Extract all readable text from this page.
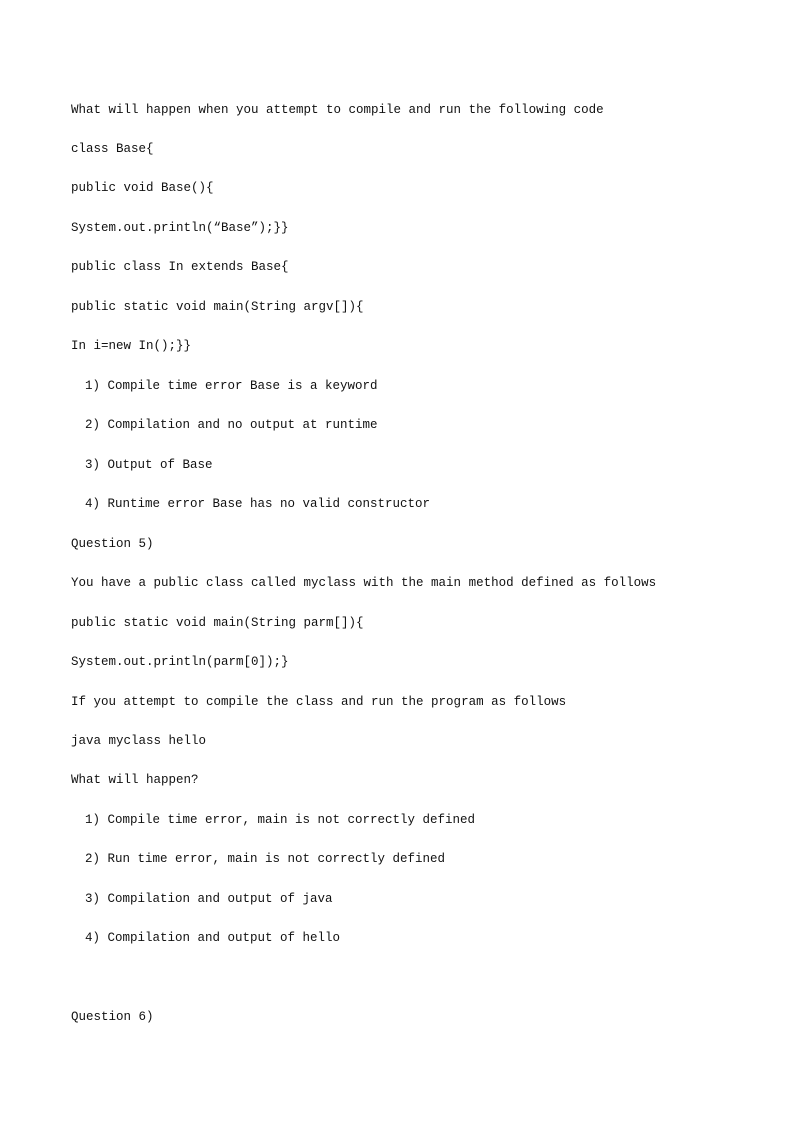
What will happen when you attempt to compile and run the following code
class Base{
public void Base(){
System.out.println(“Base”);}}
public class In extends Base{
public static void main(String argv[]){
In i=new In();}}
1) Compile time error Base is a keyword
2) Compilation and no output at runtime
3) Output of Base
4) Runtime error Base has no valid constructor
Question 5)
You have a public class called myclass with the main method defined as follows
public static void main(String parm[]){
System.out.println(parm[0]);}
If you attempt to compile the class and run the program as follows
java myclass hello
What will happen?
1) Compile time error, main is not correctly defined
2) Run time error, main is not correctly defined
3) Compilation and output of java
4) Compilation and output of hello
Question 6)
